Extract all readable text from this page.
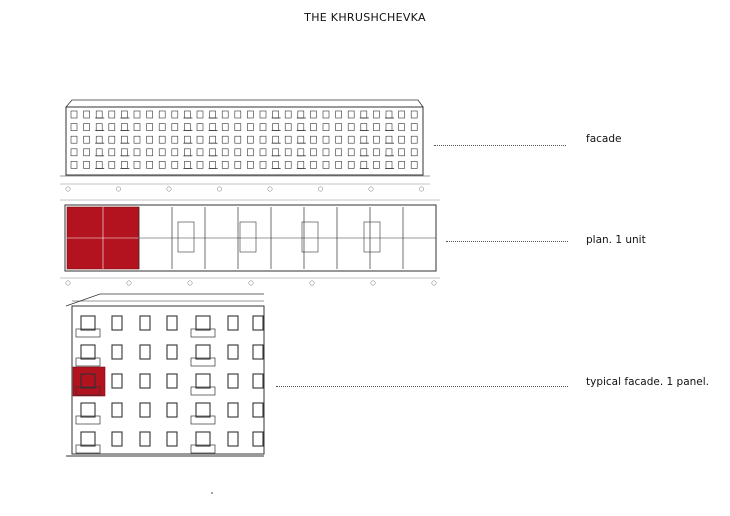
THE KHRUSHCHEVKA
facade
plan. 1 unit
typical facade. 1 panel.
